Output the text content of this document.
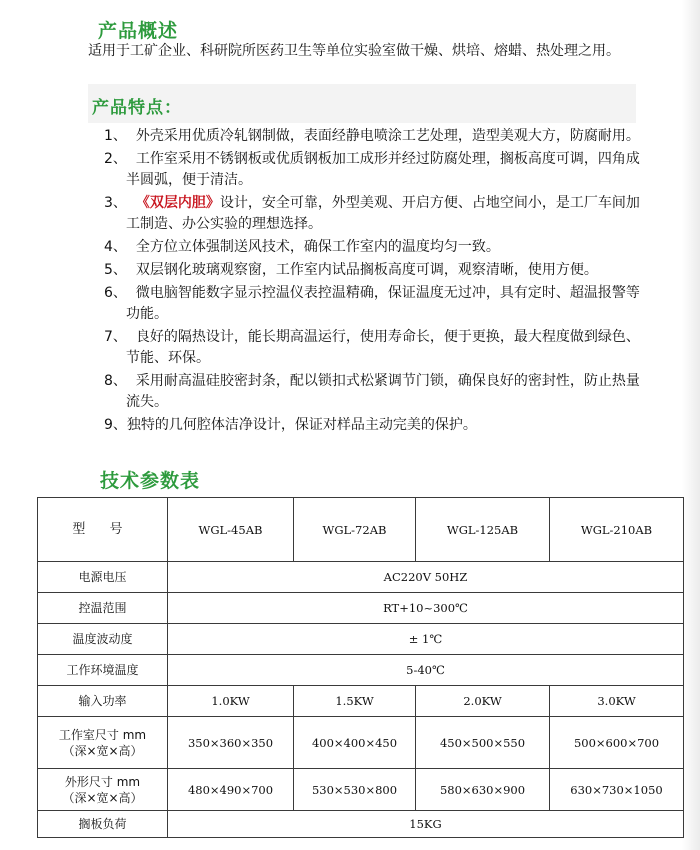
产品概述

适用于工矿企业、科研院所医药卫生等单位实验室做干燥、烘培、熔蜡、热处理之用。

产品特点：
1、 外壳采用优质冷轧钢制做，表面经静电喷涂工艺处理，造型美观大方，防腐耐用。
2、 工作室采用不锈钢板或优质钢板加工成形并经过防腐处理，搁板高度可调，四角成半圆弧，便于清洁。
3、 《双层内胆》设计，安全可靠，外型美观、开启方便、占地空间小，是工厂车间加工制造、办公实验的理想选择。
4、 全方位立体强制送风技术，确保工作室内的温度均匀一致。
5、 双层钢化玻璃观察窗，工作室内试品搁板高度可调，观察清晰，使用方便。
6、 微电脑智能数字显示控温仪表控温精确，保证温度无过冲，具有定时、超温报警等功能。
7、 良好的隔热设计，能长期高温运行，使用寿命长，便于更换，最大程度做到绿色、节能、环保。
8、 采用耐高温硅胶密封条，配以锁扣式松紧调节门锁，确保良好的密封性，防止热量流失。
9、独特的几何腔体洁净设计，保证对样品主动完美的保护。
技术参数表
型 号	WGL-45AB	WGL-72AB	WGL-125AB	WGL-210AB
电源电压	AC220V 50HZ			
控温范围	RT+10~300℃			
温度波动度	± 1℃			
工作环境温度	5-40℃			
输入功率	1.0KW	1.5KW	2.0KW	3.0KW
工作室尺寸 mm
（深×宽×高）	350×360×350	400×400×450	450×500×550	500×600×700
外形尺寸 mm
（深×宽×高）	480×490×700	530×530×800	580×630×900	630×730×1050
搁板负荷	15KG			
